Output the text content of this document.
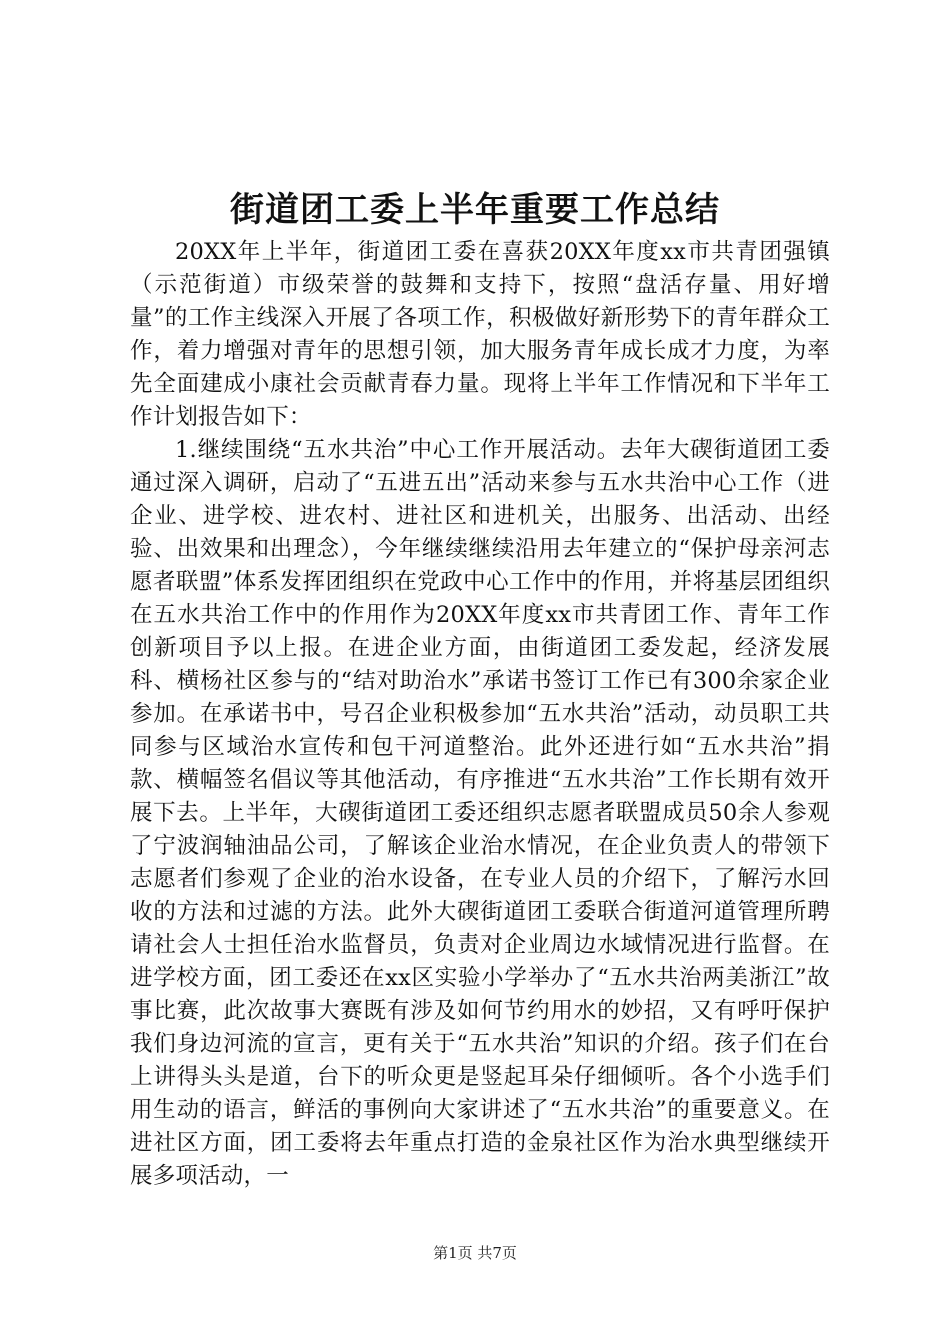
街道团工委上半年重要工作总结

20XX年上半年，街道团工委在喜获20XX年度xx市共青团强镇（示范街道）市级荣誉的鼓舞和支持下，按照“盘活存量、用好增量”的工作主线深入开展了各项工作，积极做好新形势下的青年群众工作，着力增强对青年的思想引领，加大服务青年成长成才力度，为率先全面建成小康社会贡献青春力量。现将上半年工作情况和下半年工作计划报告如下：

1.继续围绕“五水共治”中心工作开展活动。去年大碶街道团工委通过深入调研，启动了“五进五出”活动来参与五水共治中心工作（进企业、进学校、进农村、进社区和进机关，出服务、出活动、出经验、出效果和出理念），今年继续继续沿用去年建立的“保护母亲河志愿者联盟”体系发挥团组织在党政中心工作中的作用，并将基层团组织在五水共治工作中的作用作为20XX年度xx市共青团工作、青年工作创新项目予以上报。在进企业方面，由街道团工委发起，经济发展科、横杨社区参与的“结对助治水”承诺书签订工作已有300余家企业参加。在承诺书中，号召企业积极参加“五水共治”活动，动员职工共同参与区域治水宣传和包干河道整治。此外还进行如“五水共治”捐款、横幅签名倡议等其他活动，有序推进“五水共治”工作长期有效开展下去。上半年，大碶街道团工委还组织志愿者联盟成员50余人参观了宁波润轴油品公司，了解该企业治水情况，在企业负责人的带领下志愿者们参观了企业的治水设备，在专业人员的介绍下，了解污水回收的方法和过滤的方法。此外大碶街道团工委联合街道河道管理所聘请社会人士担任治水监督员，负责对企业周边水域情况进行监督。在进学校方面，团工委还在xx区实验小学举办了“五水共治两美浙江”故事比赛，此次故事大赛既有涉及如何节约用水的妙招，又有呼吁保护我们身边河流的宣言，更有关于“五水共治”知识的介绍。孩子们在台上讲得头头是道，台下的听众更是竖起耳朵仔细倾听。各个小选手们用生动的语言，鲜活的事例向大家讲述了“五水共治”的重要意义。在进社区方面，团工委将去年重点打造的金泉社区作为治水典型继续开展多项活动，一

第1页 共7页
